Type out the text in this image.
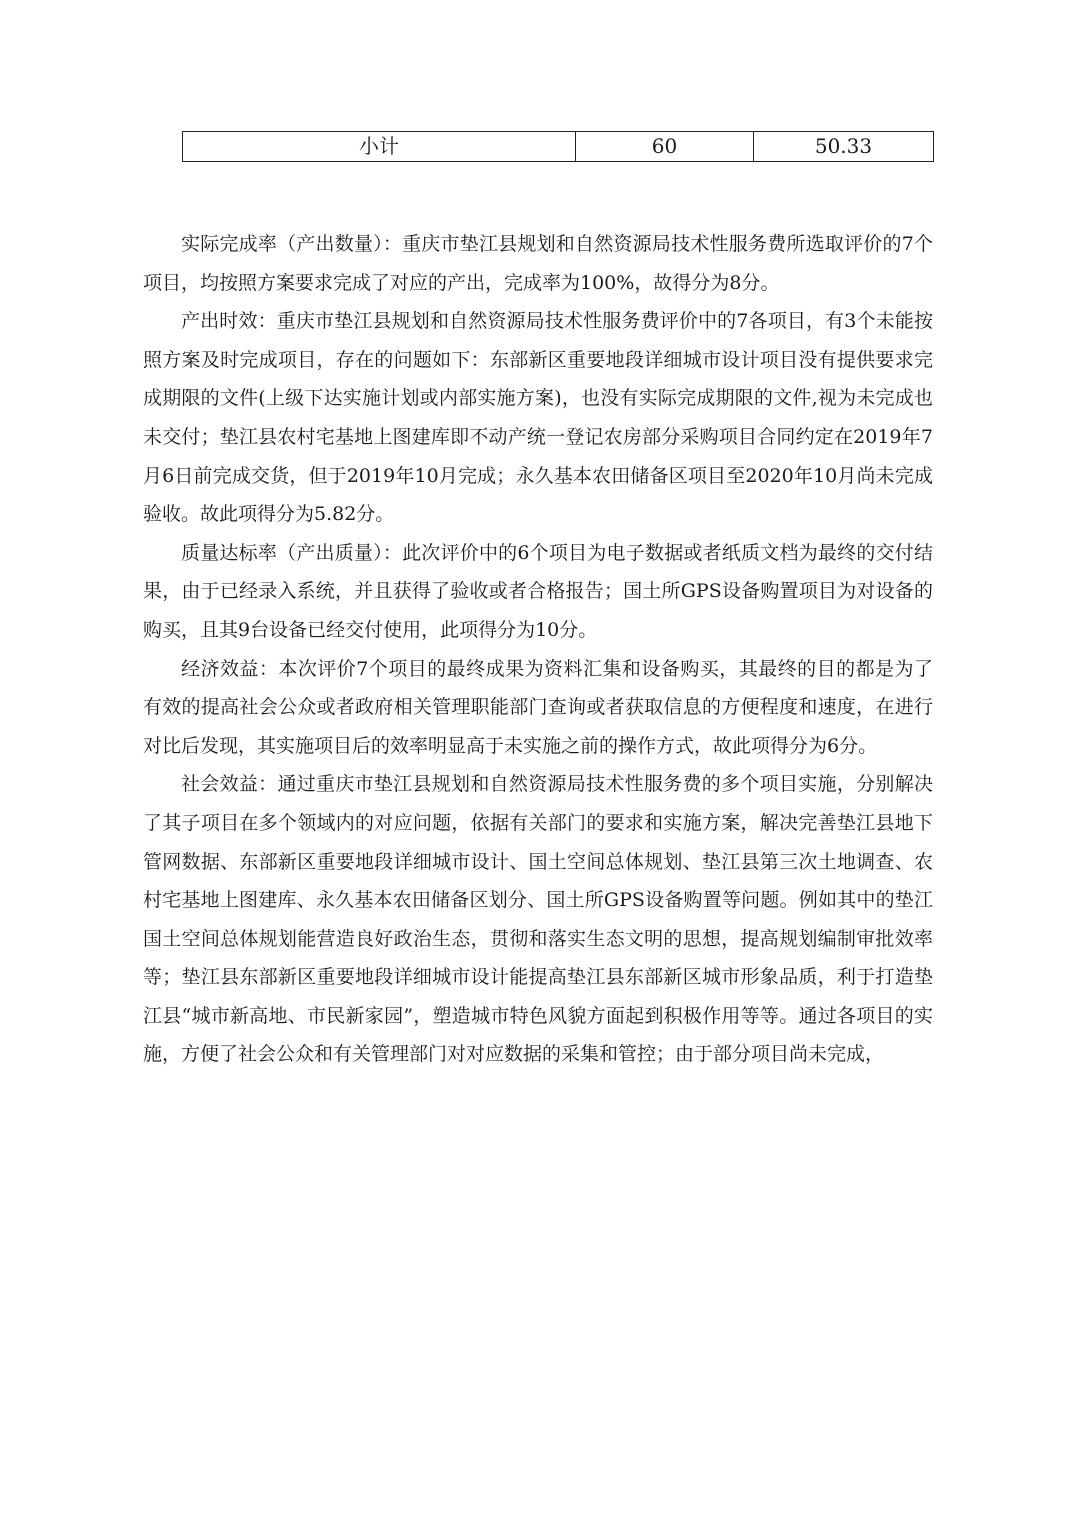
小计	60	50.33

实际完成率（产出数量）：重庆市垫江县规划和自然资源局技术性服务费所选取评价的7个项目，均按照方案要求完成了对应的产出，完成率为100%，故得分为8分。

产出时效：重庆市垫江县规划和自然资源局技术性服务费评价中的7各项目，有3个未能按照方案及时完成项目，存在的问题如下：东部新区重要地段详细城市设计项目没有提供要求完成期限的文件(上级下达实施计划或内部实施方案)，也没有实际完成期限的文件,视为未完成也未交付；垫江县农村宅基地上图建库即不动产统一登记农房部分采购项目合同约定在2019年7月6日前完成交货，但于2019年10月完成；永久基本农田储备区项目至2020年10月尚未完成验收。故此项得分为5.82分。

质量达标率（产出质量）：此次评价中的6个项目为电子数据或者纸质文档为最终的交付结果，由于已经录入系统，并且获得了验收或者合格报告；国土所GPS设备购置项目为对设备的购买，且其9台设备已经交付使用，此项得分为10分。

经济效益：本次评价7个项目的最终成果为资料汇集和设备购买，其最终的目的都是为了有效的提高社会公众或者政府相关管理职能部门查询或者获取信息的方便程度和速度，在进行对比后发现，其实施项目后的效率明显高于未实施之前的操作方式，故此项得分为6分。

社会效益：通过重庆市垫江县规划和自然资源局技术性服务费的多个项目实施，分别解决了其子项目在多个领域内的对应问题，依据有关部门的要求和实施方案，解决完善垫江县地下管网数据、东部新区重要地段详细城市设计、国土空间总体规划、垫江县第三次土地调查、农村宅基地上图建库、永久基本农田储备区划分、国土所GPS设备购置等问题。例如其中的垫江国土空间总体规划能营造良好政治生态，贯彻和落实生态文明的思想，提高规划编制审批效率等；垫江县东部新区重要地段详细城市设计能提高垫江县东部新区城市形象品质，利于打造垫江县“城市新高地、市民新家园”，塑造城市特色风貌方面起到积极作用等等。通过各项目的实施，方便了社会公众和有关管理部门对对应数据的采集和管控；由于部分项目尚未完成，
